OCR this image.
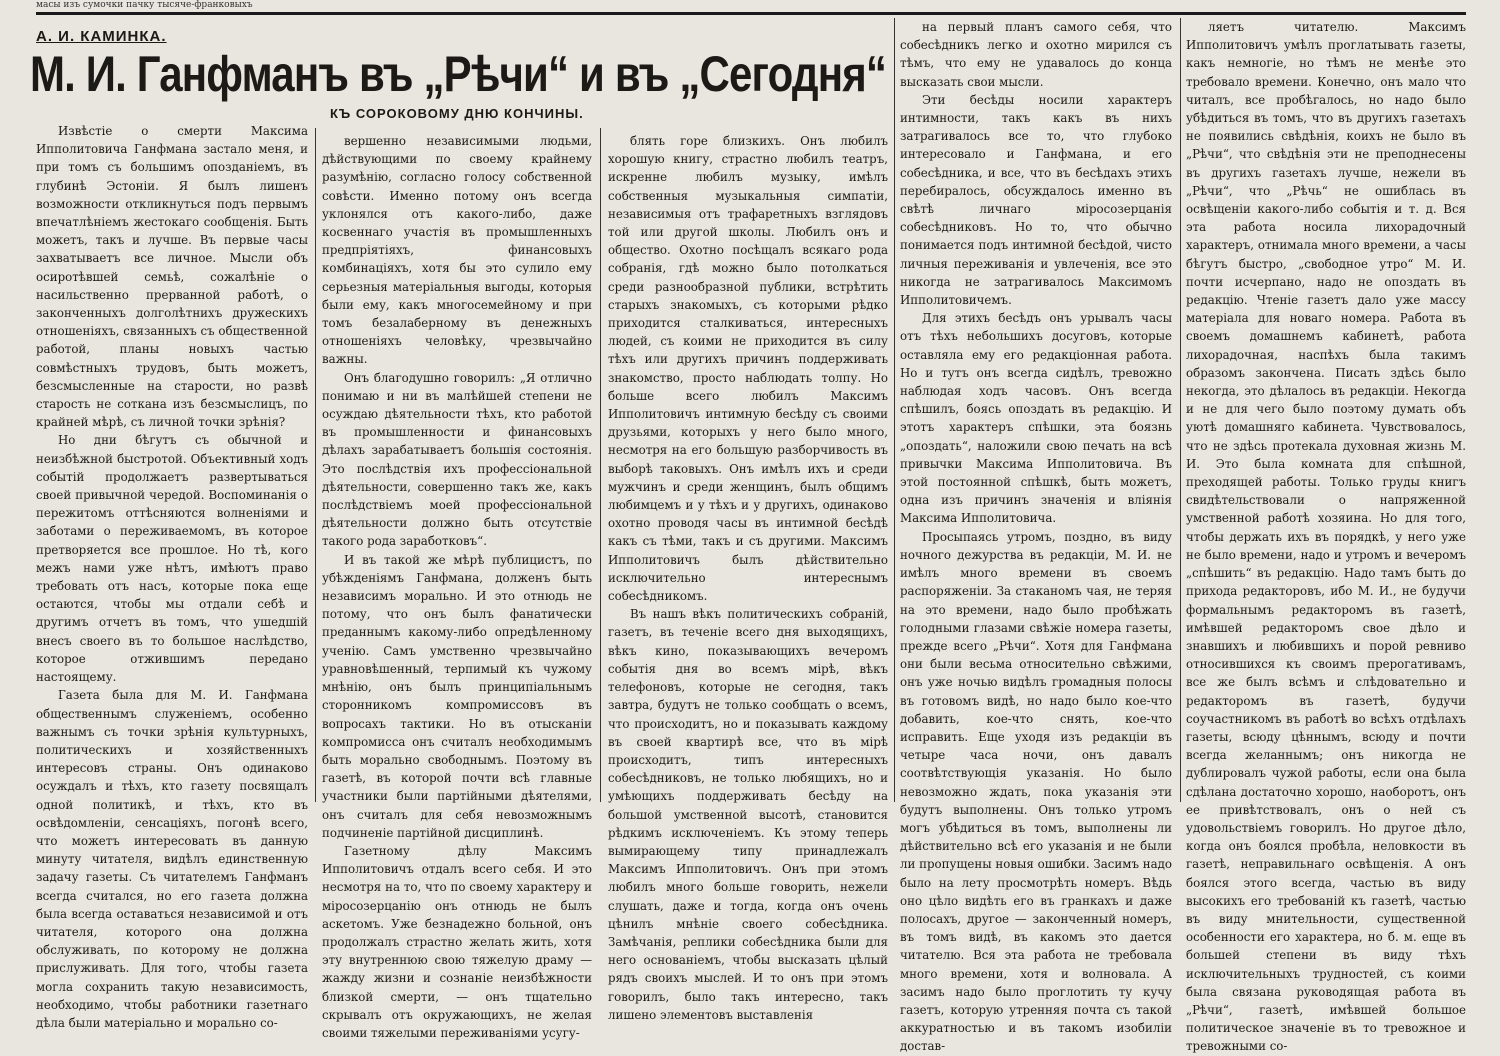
масы изъ сумочки пачку тысяче-франковыхъ
А. И. КАМИНКА.
М. И. Ганфманъ въ „Рѣчи“ и въ „Сегодня“
КЪ СОРОКОВОМУ ДНЮ КОНЧИНЫ.

Извѣстіе о смерти Максима Ипполитовича Ганфмана застало меня, и при томъ съ большимъ опозданіемъ, въ глубинѣ Эстоніи. Я былъ лишенъ возможности откликнуться подъ первымъ впечатлѣніемъ жестокаго сообщенія. Быть можетъ, такъ и лучше. Въ первые часы захватываетъ все личное. Мысли объ осиротѣвшей семьѣ, сожалѣніе о насильственно прерванной работѣ, о законченныхъ долголѣтнихъ дружескихъ отношеніяхъ, связанныхъ съ общественной работой, планы новыхъ частью совмѣстныхъ трудовъ, быть можетъ, безсмысленные на старости, но развѣ старость не соткана изъ безсмыслицъ, по крайней мѣрѣ, съ личной точки зрѣнія?

Но дни бѣгутъ съ обычной и неизбѣжной быстротой. Объективный ходъ событій продолжаетъ развертываться своей привычной чередой. Воспоминанія о пережитомъ оттѣсняются волненіями и заботами о переживаемомъ, въ которое претворяется все прошлое. Но тѣ, кого межъ нами уже нѣтъ, имѣютъ право требовать отъ насъ, которые пока еще остаются, чтобы мы отдали себѣ и другимъ отчетъ въ томъ, что ушедшій внесъ своего въ то большое наслѣдство, которое отжившимъ передано настоящему.

Газета была для М. И. Ганфмана общественнымъ служеніемъ, особенно важнымъ съ точки зрѣнія культурныхъ, политическихъ и хозяйственныхъ интересовъ страны. Онъ одинаково осуждалъ и тѣхъ, кто газету посвящалъ одной политикѣ, и тѣхъ, кто въ освѣдомленіи, сенсаціяхъ, погонѣ всего, что можетъ интересовать въ данную минуту читателя, видѣлъ единственную задачу газеты. Съ читателемъ Ганфманъ всегда считался, но его газета должна была всегда оставаться независимой и отъ читателя, которого она должна обслуживать, по которому не должна прислуживать. Для того, чтобы газета могла сохранить такую независимость, необходимо, чтобы работники газетнаго дѣла были матеріально и морально со-

вершенно независимыми людьми, дѣйствующими по своему крайнему разумѣнію, согласно голосу собственной совѣсти. Именно потому онъ всегда уклонялся отъ какого-либо, даже косвеннаго участія въ промышленныхъ предпріятіяхъ, финансовыхъ комбинаціяхъ, хотя бы это сулило ему серьезныя матеріальныя выгоды, которыя были ему, какъ многосемейному и при томъ безалаберному въ денежныхъ отношеніяхъ человѣку, чрезвычайно важны.

Онъ благодушно говорилъ: „Я отлично понимаю и ни въ малѣйшей степени не осуждаю дѣятельности тѣхъ, кто работой въ промышленности и финансовыхъ дѣлахъ зарабатываетъ большія состоянія. Это послѣдствія ихъ профессіональной дѣятельности, совершенно такъ же, какъ послѣдствіемъ моей профессіональной дѣятельности должно быть отсутствіе такого рода заработковъ“.

И въ такой же мѣрѣ публицистъ, по убѣжденіямъ Ганфмана, долженъ быть независимъ морально. И это отнюдь не потому, что онъ былъ фанатически преданнымъ какому-либо опредѣленному ученію. Самъ умственно чрезвычайно уравновѣшенный, терпимый къ чужому мнѣнію, онъ былъ принципіальнымъ сторонникомъ компромиссовъ въ вопросахъ тактики. Но въ отысканіи компромисса онъ считалъ необходимымъ быть морально свободнымъ. Поэтому въ газетѣ, въ которой почти всѣ главные участники были партійными дѣятелями, онъ считалъ для себя невозможнымъ подчиненіе партійной дисциплинѣ.

Газетному дѣлу Максимъ Ипполитовичъ отдалъ всего себя. И это несмотря на то, что по своему характеру и міросозерцанію онъ отнюдь не былъ аскетомъ. Уже безнадежно больной, онъ продолжалъ страстно желать жить, хотя эту внутреннюю свою тяжелую драму — жажду жизни и сознаніе неизбѣжности близкой смерти, — онъ тщательно скрывалъ отъ окружающихъ, не желая своими тяжелыми переживаніями усугу-

блять горе близкихъ. Онъ любилъ хорошую книгу, страстно любилъ театръ, искренне любилъ музыку, имѣлъ собственныя музыкальныя симпатіи, независимыя отъ трафаретныхъ взглядовъ той или другой школы. Любилъ онъ и общество. Охотно посѣщалъ всякаго рода собранія, гдѣ можно было потолкаться среди разнообразной публики, встрѣтить старыхъ знакомыхъ, съ которыми рѣдко приходится сталкиваться, интересныхъ людей, съ коими не приходится въ силу тѣхъ или другихъ причинъ поддерживать знакомство, просто наблюдать толпу. Но больше всего любилъ Максимъ Ипполитовичъ интимную бесѣду съ своими друзьями, которыхъ у него было много, несмотря на его большую разборчивость въ выборѣ таковыхъ. Онъ имѣлъ ихъ и среди мужчинъ и среди женщинъ, былъ общимъ любимцемъ и у тѣхъ и у другихъ, одинаково охотно проводя часы въ интимной бесѣдѣ какъ съ тѣми, такъ и съ другими. Максимъ Ипполитовичъ былъ дѣйствительно исключительно интереснымъ собесѣдникомъ.

Въ нашъ вѣкъ политическихъ собраній, газетъ, въ теченіе всего дня выходящихъ, вѣкъ кино, показывающихъ вечеромъ событія дня во всемъ мірѣ, вѣкъ телефоновъ, которые не сегодня, такъ завтра, будутъ не только сообщать о всемъ, что происходитъ, но и показывать каждому въ своей квартирѣ все, что въ мірѣ происходитъ, типъ интересныхъ собесѣдниковъ, не только любящихъ, но и умѣющихъ поддерживать бесѣду на большой умственной высотѣ, становится рѣдкимъ исключеніемъ. Къ этому теперь вымирающему типу принадлежалъ Максимъ Ипполитовичъ. Онъ при этомъ любилъ много больше говорить, нежели слушать, даже и тогда, когда онъ очень цѣнилъ мнѣніе своего собесѣдника. Замѣчанія, реплики собесѣдника были для него основаніемъ, чтобы высказать цѣлый рядъ своихъ мыслей. И то онъ при этомъ говорилъ, было такъ интересно, такъ лишено элементовъ выставленія

на первый планъ самого себя, что собесѣдникъ легко и охотно мирился съ тѣмъ, что ему не удавалось до конца высказать свои мысли.

Эти бесѣды носили характеръ интимности, такъ какъ въ нихъ затрагивалось все то, что глубоко интересовало и Ганфмана, и его собесѣдника, и все, что въ бесѣдахъ этихъ перебиралось, обсуждалось именно въ свѣтѣ личнаго міросозерцанія собесѣдниковъ. Но то, что обычно понимается подъ интимной бесѣдой, чисто личныя переживанія и увлеченія, все это никогда не затрагивалось Максимомъ Ипполитовичемъ.

Для этихъ бесѣдъ онъ урывалъ часы отъ тѣхъ небольшихъ досуговъ, которые оставляла ему его редакціонная работа. Но и тутъ онъ всегда сидѣлъ, тревожно наблюдая ходъ часовъ. Онъ всегда спѣшилъ, боясь опоздать въ редакцію. И этотъ характеръ спѣшки, эта боязнь „опоздать“, наложили свою печать на всѣ привычки Максима Ипполитовича. Въ этой постоянной спѣшкѣ, быть можетъ, одна изъ причинъ значенія и вліянія Максима Ипполитовича.

Просыпаясь утромъ, поздно, въ виду ночного дежурства въ редакціи, М. И. не имѣлъ много времени въ своемъ распоряженіи. За стаканомъ чая, не теряя на это времени, надо было пробѣжать голодными глазами свѣжіе номера газеты, прежде всего „Рѣчи“. Хотя для Ганфмана они были весьма относительно свѣжими, онъ уже ночью видѣлъ громадныя полосы въ готовомъ видѣ, но надо было кое-что добавить, кое-что снять, кое-что исправить. Еще уходя изъ редакціи въ четыре часа ночи, онъ давалъ соотвѣтствующія указанія. Но было невозможно ждать, пока указанія эти будутъ выполнены. Онъ только утромъ могъ убѣдиться въ томъ, выполнены ли дѣйствительно всѣ его указанія и не были ли пропущены новыя ошибки. Засимъ надо было на лету просмотрѣть номеръ. Вѣдь оно цѣло видѣть его въ гранкахъ и даже полосахъ, другое — законченный номеръ, въ томъ видѣ, въ какомъ это дается читателю. Вся эта работа не требовала много времени, хотя и волновала. А засимъ надо было проглотить ту кучу газетъ, которую утренняя почта съ такой аккуратностью и въ такомъ изобиліи достав-

ляетъ читателю. Максимъ Ипполитовичъ умѣлъ проглатывать газеты, какъ немногіе, но тѣмъ не менѣе это требовало времени. Конечно, онъ мало что читалъ, все пробѣгалось, но надо было убѣдиться въ томъ, что въ другихъ газетахъ не появились свѣдѣнія, коихъ не было въ „Рѣчи“, что свѣдѣнія эти не преподнесены въ другихъ газетахъ лучше, нежели въ „Рѣчи“, что „Рѣчь“ не ошиблась въ освѣщеніи какого-либо событія и т. д. Вся эта работа носила лихорадочный характеръ, отнимала много времени, а часы бѣгутъ быстро, „свободное утро“ М. И. почти исчерпано, надо не опоздать въ редакцію. Чтеніе газетъ дало уже массу матеріала для новаго номера. Работа въ своемъ домашнемъ кабинетѣ, работа лихорадочная, наспѣхъ была такимъ образомъ закончена. Писать здѣсь было некогда, это дѣлалось въ редакціи. Некогда и не для чего было поэтому думать объ уютѣ домашняго кабинета. Чувствовалось, что не здѣсь протекала духовная жизнь М. И. Это была комната для спѣшной, преходящей работы. Только груды книгъ свидѣтельствовали о напряженной умственной работѣ хозяина. Но для того, чтобы держать ихъ въ порядкѣ, у него уже не было времени, надо и утромъ и вечеромъ „спѣшить“ въ редакцію. Надо тамъ быть до прихода редакторовъ, ибо М. И., не будучи формальнымъ редакторомъ въ газетѣ, имѣвшей редакторомъ свое дѣло и знавшихъ и любившихъ и порой ревниво относившихся къ своимъ прерогативамъ, все же былъ всѣмъ и слѣдовательно и редакторомъ въ газетѣ, будучи соучастникомъ въ работѣ во всѣхъ отдѣлахъ газеты, всюду цѣннымъ, всюду и почти всегда желаннымъ; онъ никогда не дублировалъ чужой работы, если она была сдѣлана достаточно хорошо, наоборотъ, онъ ее привѣтствовалъ, онъ о ней съ удовольствіемъ говорилъ. Но другое дѣло, когда онъ боялся пробѣла, неловкости въ газетѣ, неправильнаго освѣщенія. А онъ боялся этого всегда, частью въ виду высокихъ его требованій къ газетѣ, частью въ виду мнительности, существенной особенности его характера, но б. м. еще въ большей степени въ виду тѣхъ исключительныхъ трудностей, съ коими была связана руководящая работа въ „Рѣчи“, газетѣ, имѣвшей большое политическое значеніе въ то тревожное и тревожными со-
